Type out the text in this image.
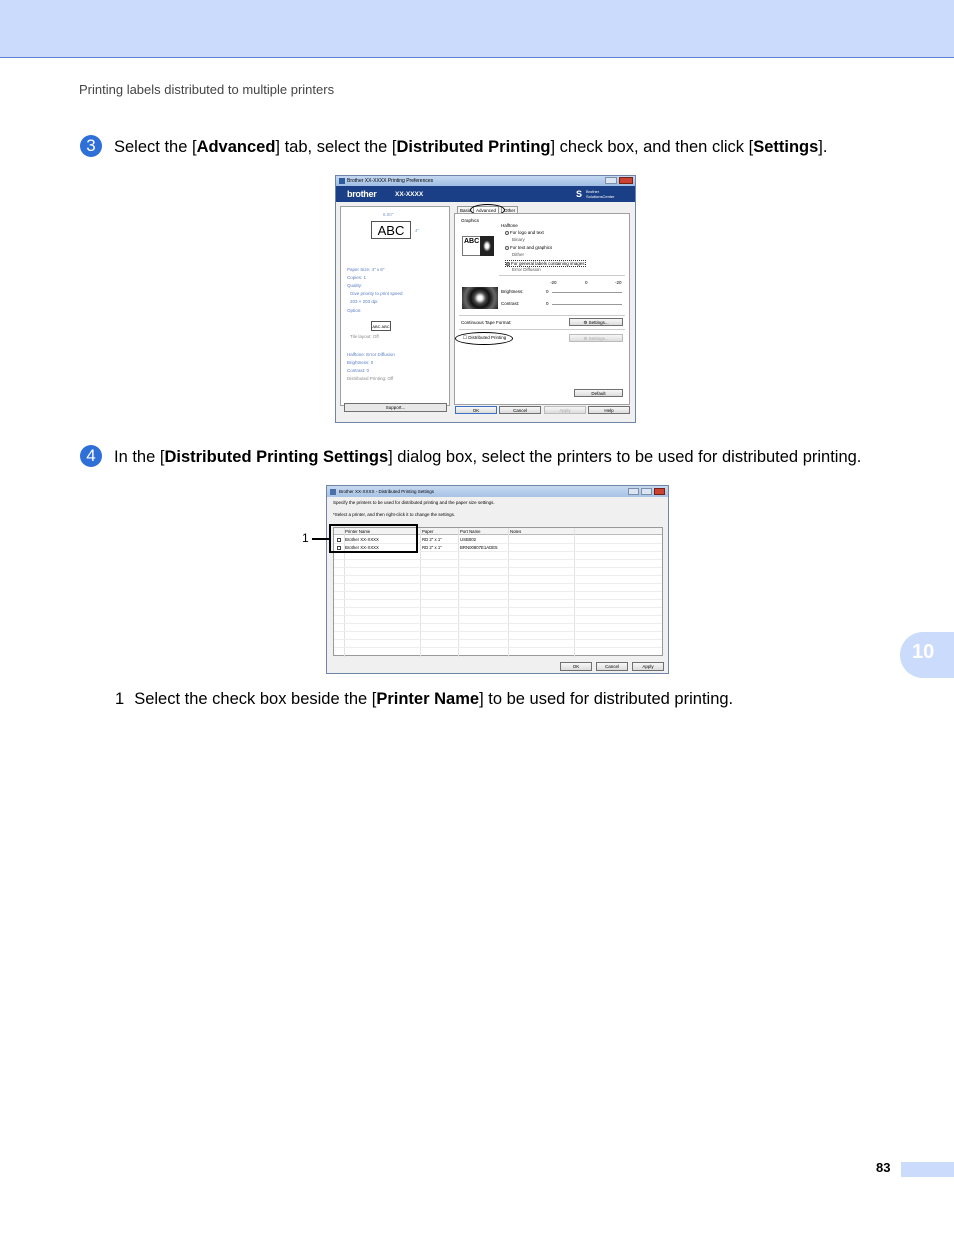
Printing labels distributed to multiple printers
3	Select the [Advanced] tab, select the [Distributed Printing] check box, and then click [Settings].
Brother XX-XXXX Printing Preferences
brother	XX-XXXX	S Brother
SolutionsCenter
6.00"
ABC	4"
Paper Size: 4" x 6"
Copies: 1
Quality:
Give priority to print speed
203 × 203 dpi
Option:
ABC ABC
Tile layout: Off
Halftone: Error Diffusion
Brightness: 0
Contrast: 0
Distributed Printing: Off
Support...
Basic	Advanced	Other
Graphics
ABC
Halftone
For logo and text
Binary
For text and graphics
Dither
For general labels containing images
Error Diffusion
-20	0	-20
Brightness:	0
Contrast:	0
Continuous Tape Format:	⚙ Settings...
☐ Distributed Printing	⚙ Settings...
Default
OK	Cancel	Apply	Help
4	In the [Distributed Printing Settings] dialog box, select the printers to be used for distributed printing.
Brother XX-XXXX - Distributed Printing Settings
Specify the printers to be used for distributed printing and the paper size settings.
*Select a printer, and then right-click it to change the settings.
Printer Name	Paper	Port Name	Notes
Brother XX-XXXX	RD 2" x 1"	USB002
Brother XX-XXXX	RD 2" x 1"	BRN00807E1ADE5
OK	Cancel	Apply
1
1 Select the check box beside the [Printer Name] to be used for distributed printing.
10
83
